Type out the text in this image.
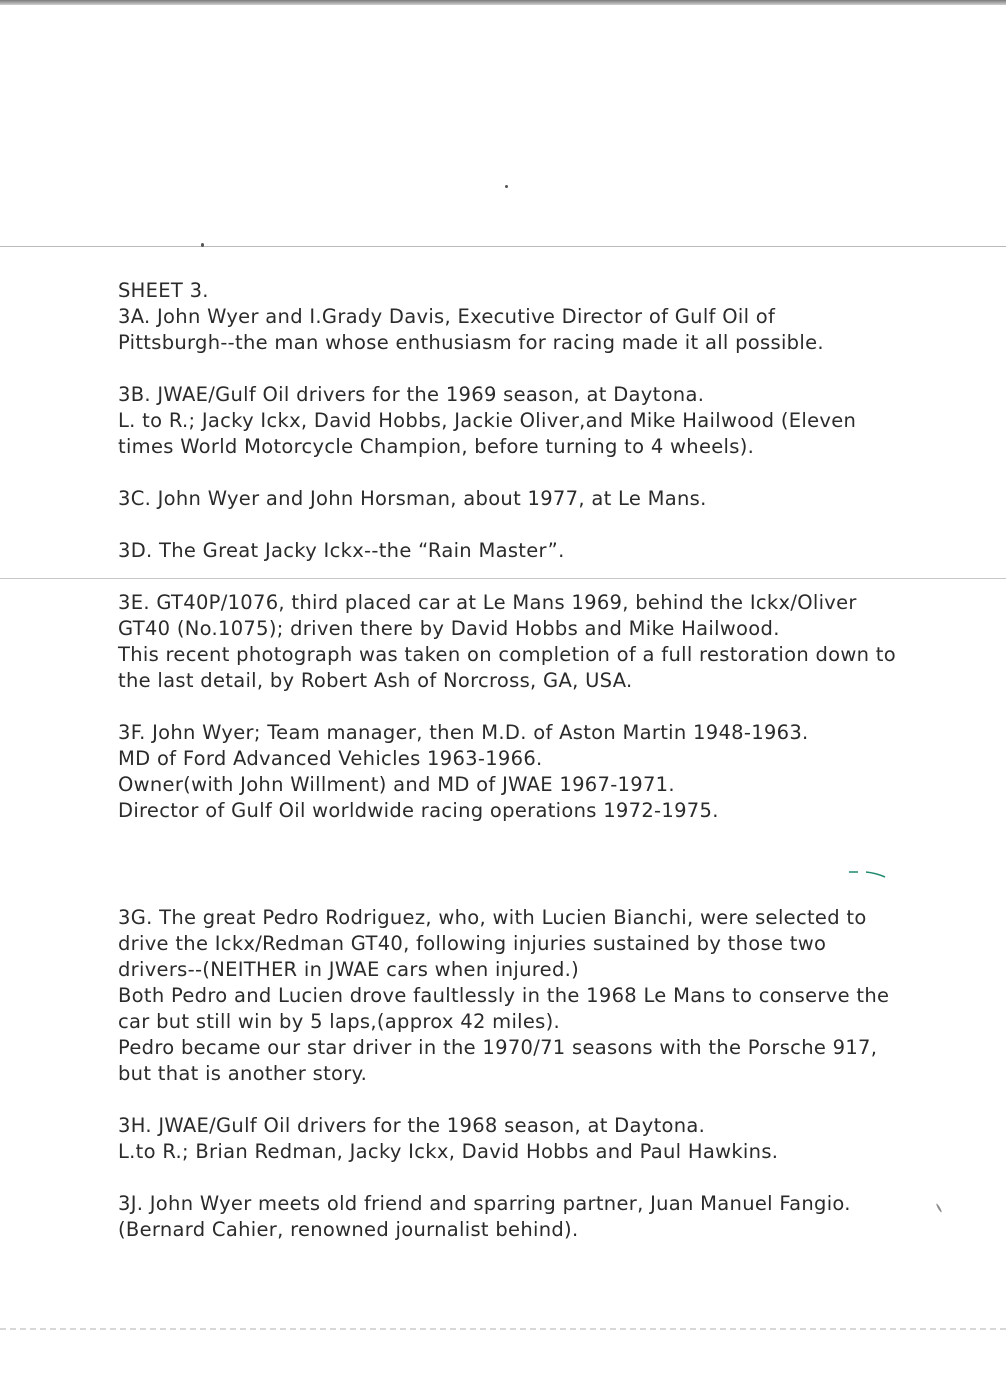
SHEET 3.

3A. John Wyer and I.Grady Davis, Executive Director of Gulf Oil of

Pittsburgh--the man whose enthusiasm for racing made it all possible.

3B. JWAE/Gulf Oil drivers for the 1969 season, at Daytona.

L. to R.; Jacky Ickx, David Hobbs, Jackie Oliver,and Mike Hailwood (Eleven

times World Motorcycle Champion, before turning to 4 wheels).

3C. John Wyer and John Horsman, about 1977, at Le Mans.

3D. The Great Jacky Ickx--the “Rain Master”.

3E. GT40P/1076, third placed car at Le Mans 1969, behind the Ickx/Oliver

GT40 (No.1075); driven there by David Hobbs and Mike Hailwood.

This recent photograph was taken on completion of a full restoration down to

the last detail, by Robert Ash of Norcross, GA, USA.

3F. John Wyer; Team manager, then M.D. of Aston Martin 1948-1963.

MD of Ford Advanced Vehicles 1963-1966.

Owner(with John Willment) and MD of JWAE 1967-1971.

Director of Gulf Oil worldwide racing operations 1972-1975.

3G. The great Pedro Rodriguez, who, with Lucien Bianchi, were selected to

drive the Ickx/Redman GT40, following injuries sustained by those two

drivers--(NEITHER in JWAE cars when injured.)

Both Pedro and Lucien drove faultlessly in the 1968 Le Mans to conserve the

car but still win by 5 laps,(approx 42 miles).

Pedro became our star driver in the 1970/71 seasons with the Porsche 917,

but that is another story.

3H. JWAE/Gulf Oil drivers for the 1968 season, at Daytona.

L.to R.; Brian Redman, Jacky Ickx, David Hobbs and Paul Hawkins.

3J. John Wyer meets old friend and sparring partner, Juan Manuel Fangio.

(Bernard Cahier, renowned journalist behind).
